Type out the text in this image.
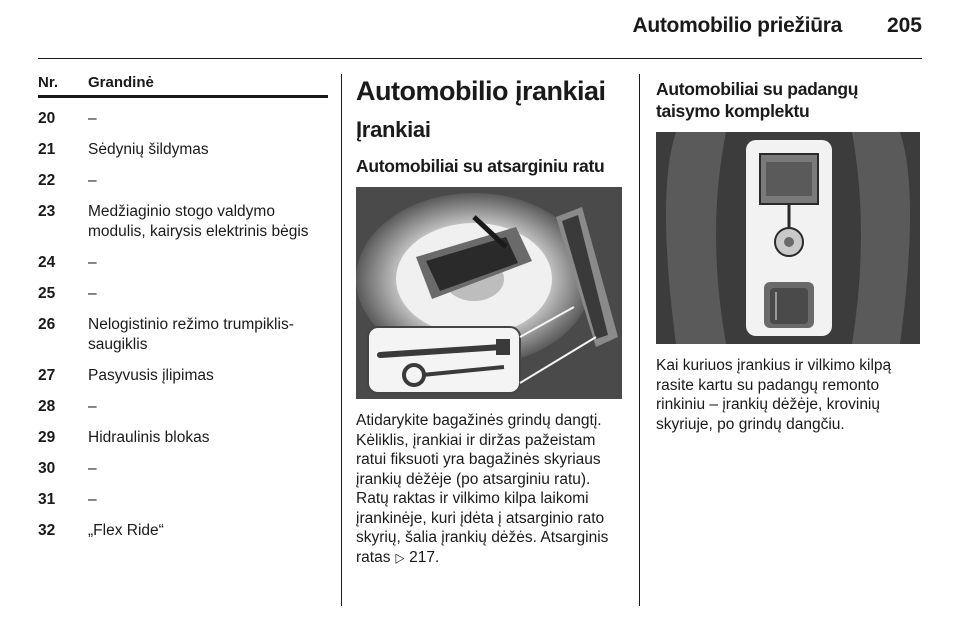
Automobilio priežiūra 205
Nr.	Grandinė
20	–
21	Sėdynių šildymas
22	–
23	Medžiaginio stogo valdymo modulis, kairysis elektrinis bėgis
24	–
25	–
26	Nelogistinio režimo trumpiklis-saugiklis
27	Pasyvusis įlipimas
28	–
29	Hidraulinis blokas
30	–
31	–
32	„Flex Ride“
Automobilio įrankiai
Įrankiai
Automobiliai su atsarginiu ratu

Atidarykite bagažinės grindų dangtį. Kėliklis, įrankiai ir diržas pažeistam ratui fiksuoti yra bagažinės skyriaus įrankių dėžėje (po atsarginiu ratu). Ratų raktas ir vilkimo kilpa laikomi įrankinėje, kuri įdėta į atsarginio rato skyrių, šalia įrankių dėžės. Atsarginis ratas ▷ 217.

Automobiliai su padangų taisymo komplektu

Kai kuriuos įrankius ir vilkimo kilpą rasite kartu su padangų remonto rinkiniu – įrankių dėžėje, krovinių skyriuje, po grindų dangčiu.
